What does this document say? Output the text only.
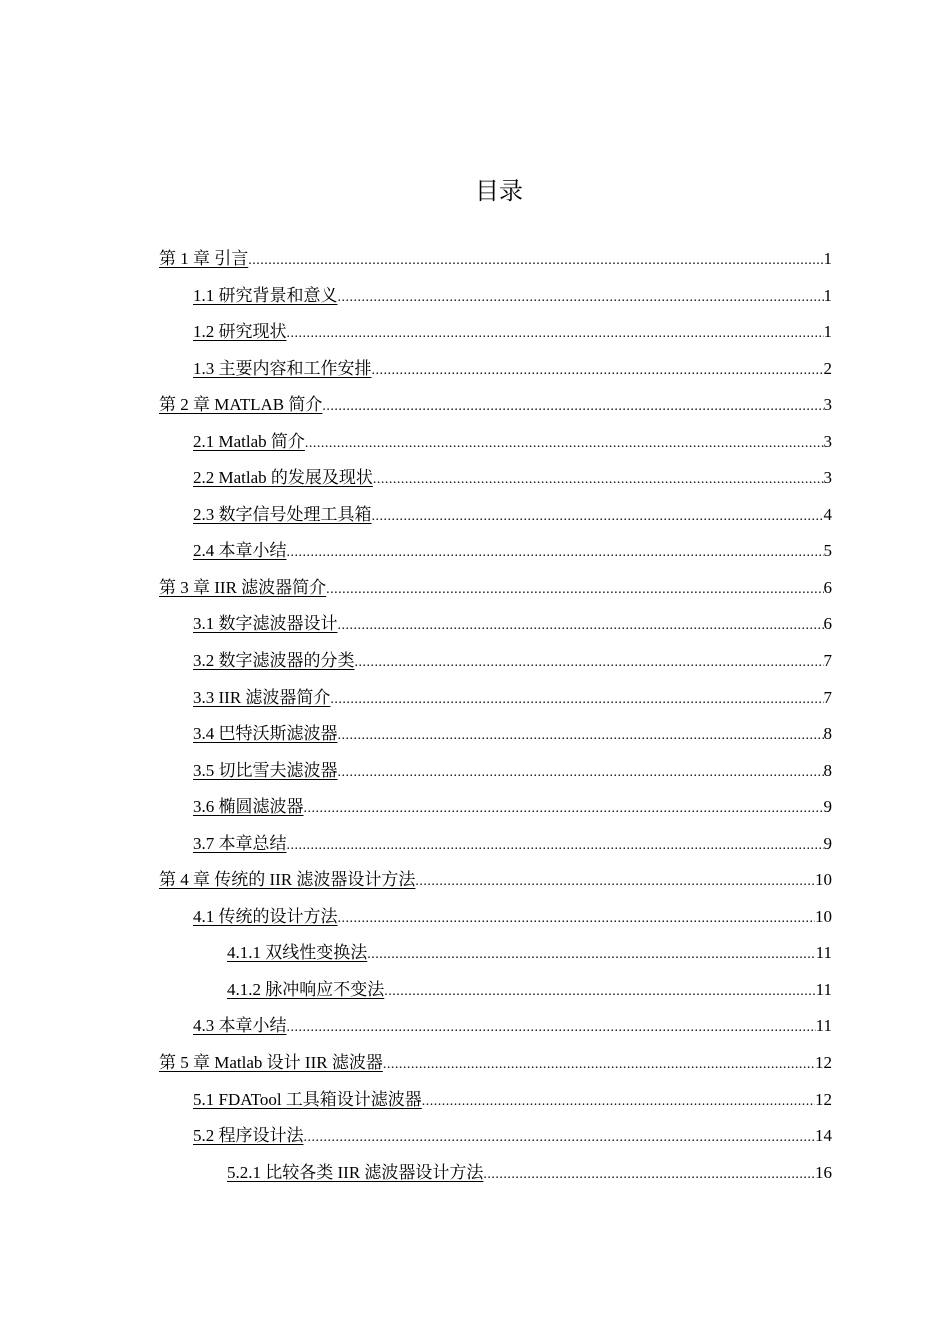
目录
第 1 章 引言 .....	1
1.1 研究背景和意义 .....	1
1.2 研究现状 .....	1
1.3 主要内容和工作安排 .....	2
第 2 章 MATLAB 简介 .....	3
2.1 Matlab 简介 .....	3
2.2 Matlab 的发展及现状 .....	3
2.3 数字信号处理工具箱 .....	4
2.4 本章小结 .....	5
第 3 章 IIR 滤波器简介 .....	6
3.1 数字滤波器设计 .....	6
3.2 数字滤波器的分类 .....	7
3.3 IIR 滤波器简介 .....	7
3.4 巴特沃斯滤波器 .....	8
3.5 切比雪夫滤波器 .....	8
3.6 椭圆滤波器 .....	9
3.7 本章总结 .....	9
第 4 章 传统的 IIR 滤波器设计方法 .....	10
4.1 传统的设计方法 .....	10
4.1.1 双线性变换法 .....	11
4.1.2 脉冲响应不变法 .....	11
4.3 本章小结 .....	11
第 5 章 Matlab 设计 IIR 滤波器 .....	12
5.1 FDATool 工具箱设计滤波器 .....	12
5.2 程序设计法 .....	14
5.2.1 比较各类 IIR 滤波器设计方法 .....	16
